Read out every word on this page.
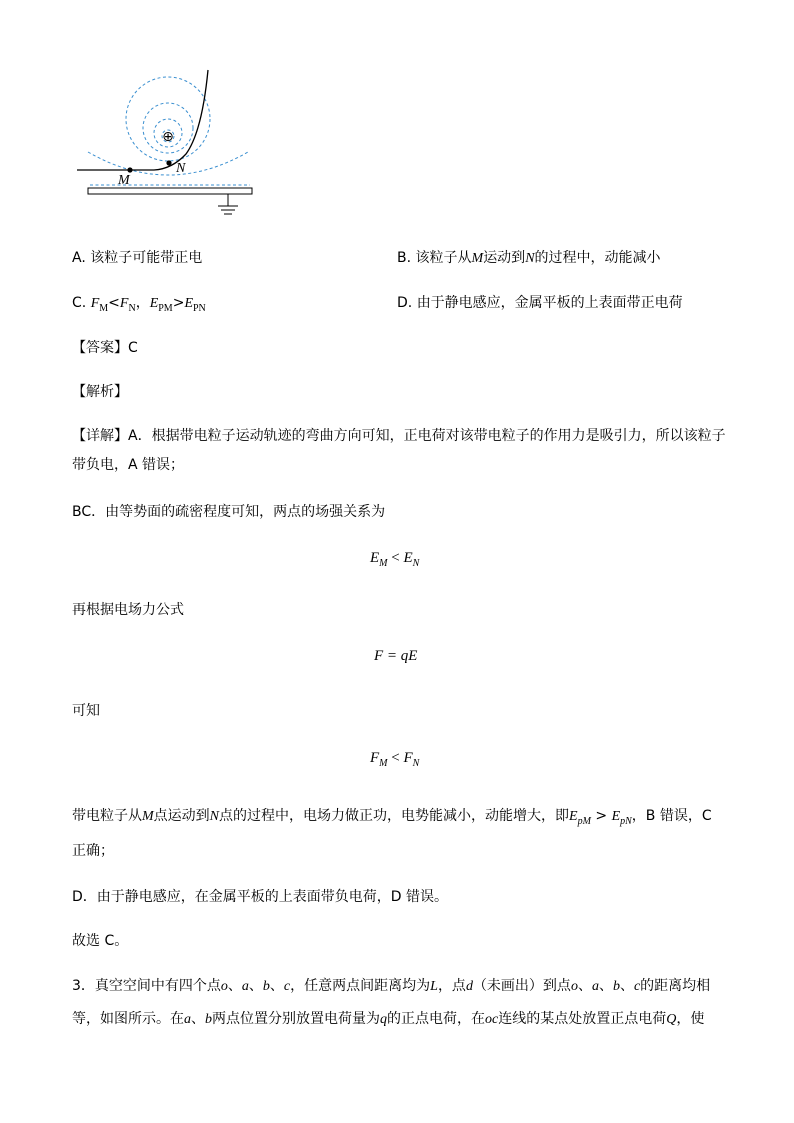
⊕
M
N
A. 该粒子可能带正电	B. 该粒子从M运动到N的过程中，动能减小
C. $F_M<F_N$，$E_{PM}>E_{PN}$	D. 由于静电感应，金属平板的上表面带正电荷
【答案】C
【解析】
【详解】A．根据带电粒子运动轨迹的弯曲方向可知，正电荷对该带电粒子的作用力是吸引力，所以该粒子
带负电，A 错误；
BC．由等势面的疏密程度可知，两点的场强关系为
$E_M < E_N$
再根据电场力公式
F = qE
可知
$F_M < F_N$
带电粒子从M点运动到N点的过程中，电场力做正功，电势能减小，动能增大，即$E_{pM} > E_{pN}$，B 错误，C
正确；
D．由于静电感应，在金属平板的上表面带负电荷，D 错误。
故选 C。
3．真空空间中有四个点o、a、b、c，任意两点间距离均为L，点d（未画出）到点o、a、b、c的距离均相
等，如图所示。在a、b两点位置分别放置电荷量为q的正点电荷，在oc连线的某点处放置正点电荷Q，使
